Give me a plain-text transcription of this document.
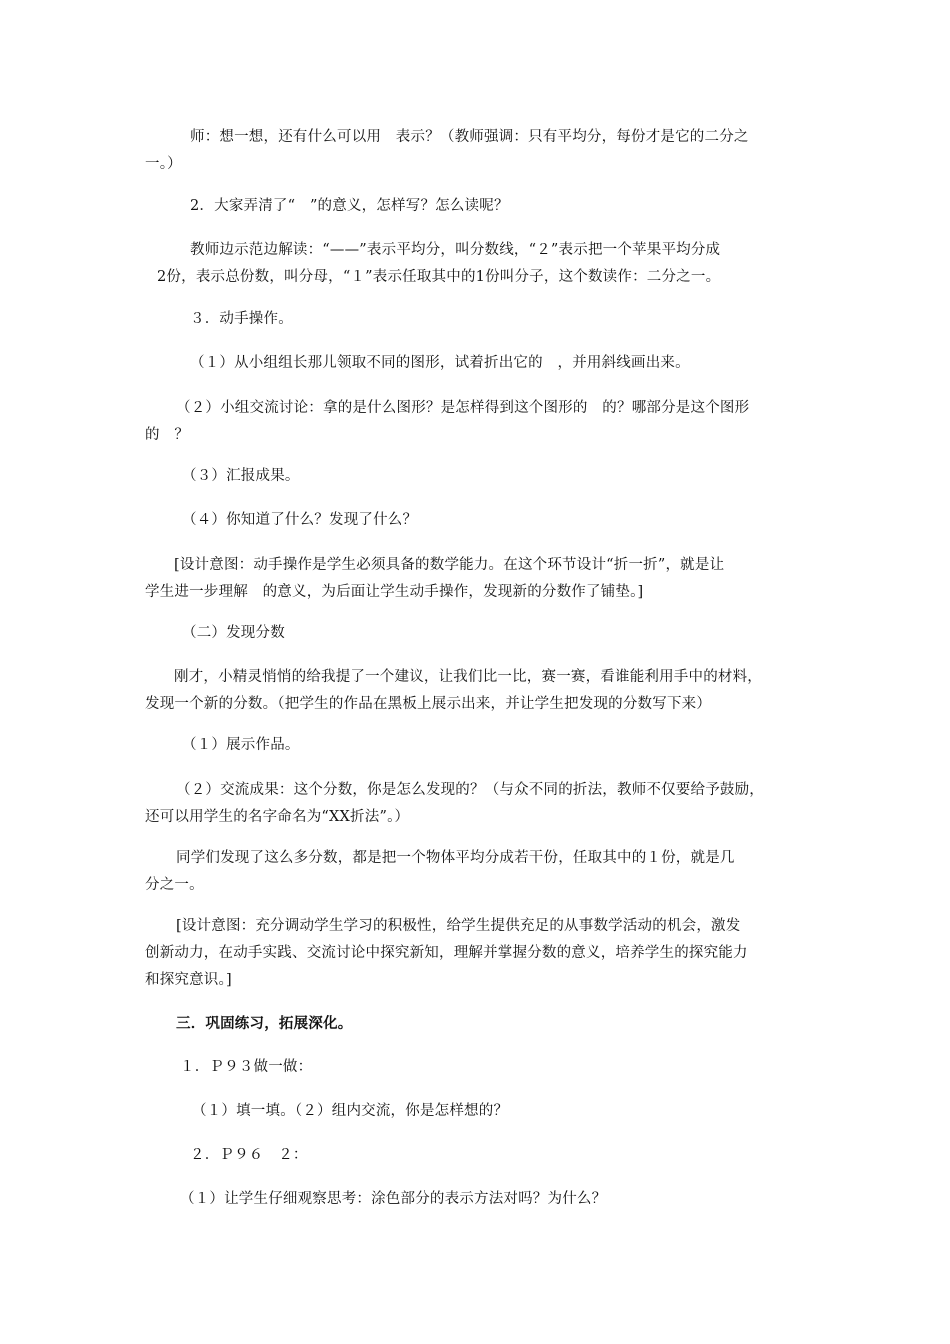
师：想一想，还有什么可以用　表示？（教师强调：只有平均分，每份才是它的二分之
一。）
2．大家弄清了“　”的意义，怎样写？怎么读呢？
教师边示范边解读：“——”表示平均分，叫分数线，“２”表示把一个苹果平均分成
2份，表示总份数，叫分母，“１”表示任取其中的1份叫分子，这个数读作：二分之一。
３．动手操作。
（１）从小组组长那儿领取不同的图形，试着折出它的　，并用斜线画出来。
（２）小组交流讨论：拿的是什么图形？是怎样得到这个图形的　的？哪部分是这个图形
的　？
（３）汇报成果。
（４）你知道了什么？发现了什么？
[设计意图：动手操作是学生必须具备的数学能力。在这个环节设计“折一折”，就是让
学生进一步理解　的意义，为后面让学生动手操作，发现新的分数作了铺垫。]
（二）发现分数
刚才，小精灵悄悄的给我提了一个建议，让我们比一比，赛一赛，看谁能利用手中的材料，
发现一个新的分数。（把学生的作品在黑板上展示出来，并让学生把发现的分数写下来）
（１）展示作品。
（２）交流成果：这个分数，你是怎么发现的？（与众不同的折法，教师不仅要给予鼓励，
还可以用学生的名字命名为“XX折法”。）
同学们发现了这么多分数，都是把一个物体平均分成若干份，任取其中的１份，就是几
分之一。
[设计意图：充分调动学生学习的积极性，给学生提供充足的从事数学活动的机会，激发
创新动力，在动手实践、交流讨论中探究新知，理解并掌握分数的意义，培养学生的探究能力
和探究意识。]
三．巩固练习，拓展深化。
１．Ｐ９３做一做：
（１）填一填。（２）组内交流，你是怎样想的？
２．Ｐ９６　２：
（１）让学生仔细观察思考：涂色部分的表示方法对吗？为什么？
